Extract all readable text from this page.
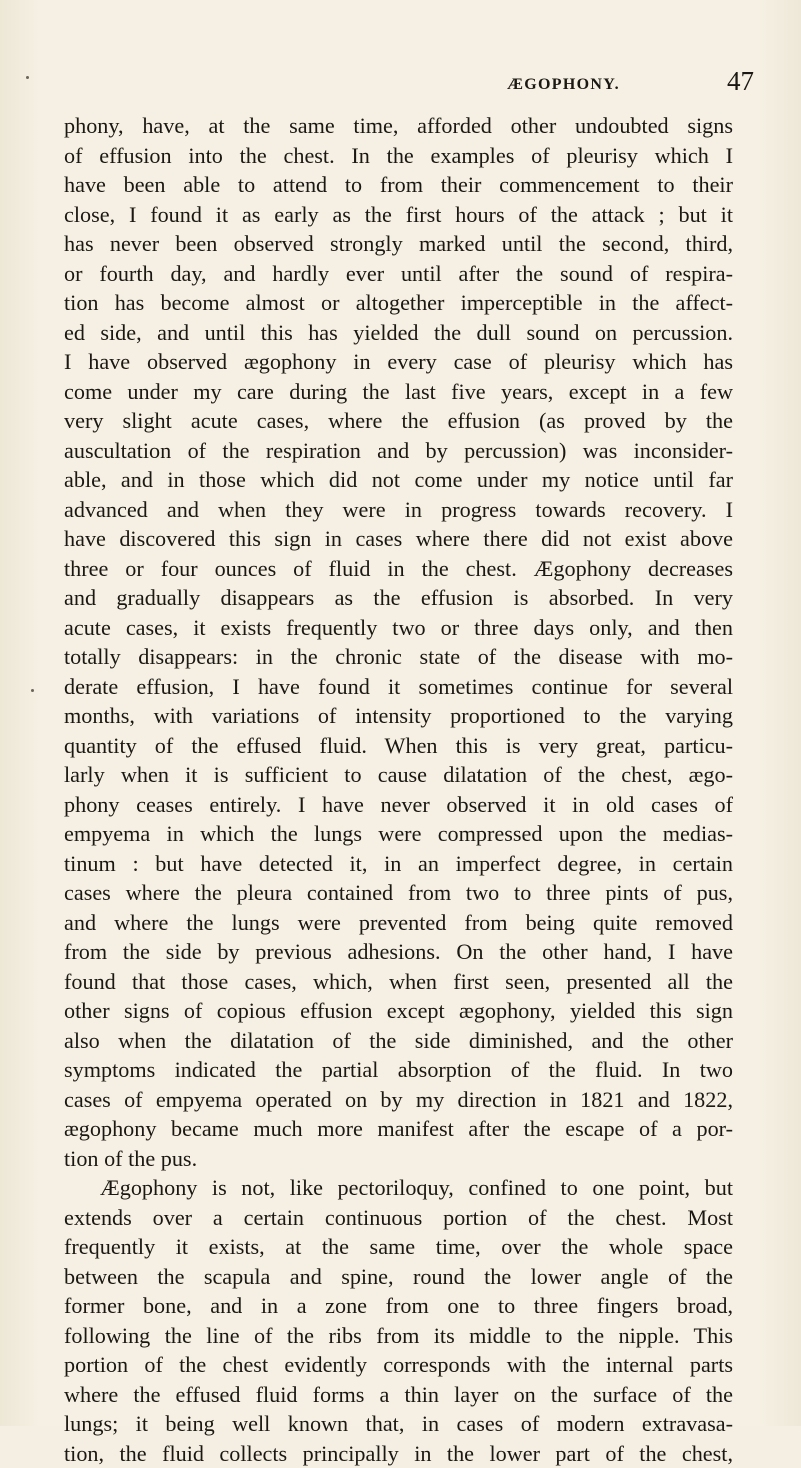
ÆGOPHONY.	47
phony, have, at the same time, afforded other undoubted signs
of effusion into the chest. In the examples of pleurisy which I
have been able to attend to from their commencement to their
close, I found it as early as the first hours of the attack ; but it
has never been observed strongly marked until the second, third,
or fourth day, and hardly ever until after the sound of respira-
tion has become almost or altogether imperceptible in the affect-
ed side, and until this has yielded the dull sound on percussion.
I have observed ægophony in every case of pleurisy which has
come under my care during the last five years, except in a few
very slight acute cases, where the effusion (as proved by the
auscultation of the respiration and by percussion) was inconsider-
able, and in those which did not come under my notice until far
advanced and when they were in progress towards recovery. I
have discovered this sign in cases where there did not exist above
three or four ounces of fluid in the chest. Ægophony decreases
and gradually disappears as the effusion is absorbed. In very
acute cases, it exists frequently two or three days only, and then
totally disappears: in the chronic state of the disease with mo-
derate effusion, I have found it sometimes continue for several
months, with variations of intensity proportioned to the varying
quantity of the effused fluid. When this is very great, particu-
larly when it is sufficient to cause dilatation of the chest, ægo-
phony ceases entirely. I have never observed it in old cases of
empyema in which the lungs were compressed upon the medias-
tinum : but have detected it, in an imperfect degree, in certain
cases where the pleura contained from two to three pints of pus,
and where the lungs were prevented from being quite removed
from the side by previous adhesions. On the other hand, I have
found that those cases, which, when first seen, presented all the
other signs of copious effusion except ægophony, yielded this sign
also when the dilatation of the side diminished, and the other
symptoms indicated the partial absorption of the fluid. In two
cases of empyema operated on by my direction in 1821 and 1822,
ægophony became much more manifest after the escape of a por-
tion of the pus.
Ægophony is not, like pectoriloquy, confined to one point, but
extends over a certain continuous portion of the chest. Most
frequently it exists, at the same time, over the whole space
between the scapula and spine, round the lower angle of the
former bone, and in a zone from one to three fingers broad,
following the line of the ribs from its middle to the nipple. This
portion of the chest evidently corresponds with the internal parts
where the effused fluid forms a thin layer on the surface of the
lungs; it being well known that, in cases of modern extravasa-
tion, the fluid collects principally in the lower part of the chest,
